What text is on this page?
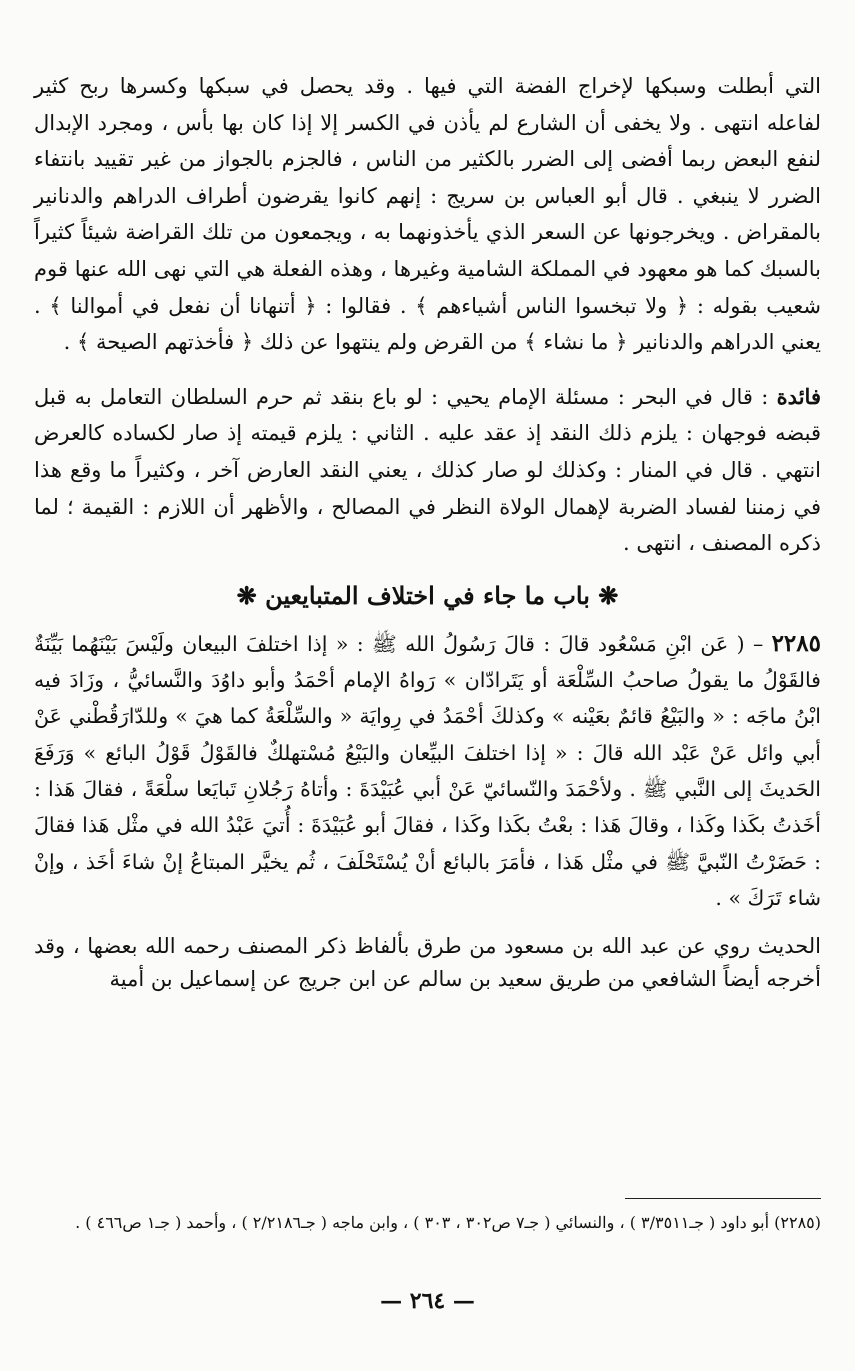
التي أبطلت وسبكها لإخراج الفضة التي فيها . وقد يحصل في سبكها وكسرها ربح كثير لفاعله انتهى . ولا يخفى أن الشارع لم يأذن في الكسر إلا إذا كان بها بأس ، ومجرد الإبدال لنفع البعض ربما أفضى إلى الضرر بالكثير من الناس ، فالجزم بالجواز من غير تقييد بانتفاء الضرر لا ينبغي . قال أبو العباس بن سريج : إنهم كانوا يقرضون أطراف الدراهم والدنانير بالمقراض . ويخرجونها عن السعر الذي يأخذونهما به ، ويجمعون من تلك القراضة شيئاً كثيراً بالسبك كما هو معهود في المملكة الشامية وغيرها ، وهذه الفعلة هي التي نهى الله عنها قوم شعيب بقوله : ﴿ ولا تبخسوا الناس أشياءهم ﴾ . فقالوا : ﴿ أتنهانا أن نفعل في أموالنا ﴾ . يعني الدراهم والدنانير ﴿ ما نشاء ﴾ من القرض ولم ينتهوا عن ذلك ﴿ فأخذتهم الصيحة ﴾ .

فائدة : قال في البحر : مسئلة الإمام يحيي : لو باع بنقد ثم حرم السلطان التعامل به قبل قبضه فوجهان : يلزم ذلك النقد إذ عقد عليه . الثاني : يلزم قيمته إذ صار لكساده كالعرض انتهي . قال في المنار : وكذلك لو صار كذلك ، يعني النقد العارض آخر ، وكثيراً ما وقع هذا في زمننا لفساد الضربة لإهمال الولاة النظر في المصالح ، والأظهر أن اللازم : القيمة ؛ لما ذكره المصنف ، انتهى .

❋ باب ما جاء في اختلاف المتبايعين ❋

٢٢٨٥ – ( عَن ابْنِ مَسْعُود قالَ : قالَ رَسُولُ الله ﷺ : « إذا اختلفَ البيعان ولَيْسَ بَيْنَهُما بَيِّنَةٌ فالقَوْلُ ما يقولُ صاحبُ السِّلْعَة أو يَتَرادّان » رَواهُ الإمام أحْمَدُ وأبو داوُدَ والنَّسائيُّ ، وزَادَ فيه ابْنُ ماجَه : « والبَيْعُ قائمٌ بعَيْنه » وكذلكَ أحْمَدُ في رِوايَة « والسِّلْعَةُ كما هيَ » وللدّارَقُطْني عَنْ أبي وائل عَنْ عَبْد الله قالَ : « إذا اختلفَ البيِّعان والبَيْعُ مُسْتهلكٌ فالقَوْلُ قَوْلُ البائع » وَرَفَعَ الحَديثَ إلى النَّبي ﷺ . ولأحْمَدَ والنّسائيّ عَنْ أبي عُبَيْدَةَ : وأتاهُ رَجُلانِ تَبايَعا سلْعَةً ، فقالَ هَذا : أخَذتُ بكَذا وكَذا ، وقالَ هَذا : بعْتُ بكَذا وكَذا ، فقالَ أبو عُبَيْدَةَ : أُتيَ عَبْدُ الله في مثْل هَذا فقالَ : حَضَرْتُ النّبيَّ ﷺ في مثْل هَذا ، فأمَرَ بالبائع أنْ يُسْتَحْلَفَ ، ثُم يخيَّر المبتاعُ إنْ شاءَ أخَذ ، وإنْ شاء تَرَكَ » .

الحديث روي عن عبد الله بن مسعود من طرق بألفاظ ذكر المصنف رحمه الله بعضها ، وقد أخرجه أيضاً الشافعي من طريق سعيد بن سالم عن ابن جريج عن إسماعيل بن أمية

(٢٢٨٥) أبو داود ( جـ٣/٣٥١١ ) ، والنسائي ( جـ٧ ص٣٠٢ ، ٣٠٣ ) ، وابن ماجه ( جـ٢/٢١٨٦ ) ، وأحمد ( جـ١ ص٤٦٦ ) .
— ٢٦٤ —
